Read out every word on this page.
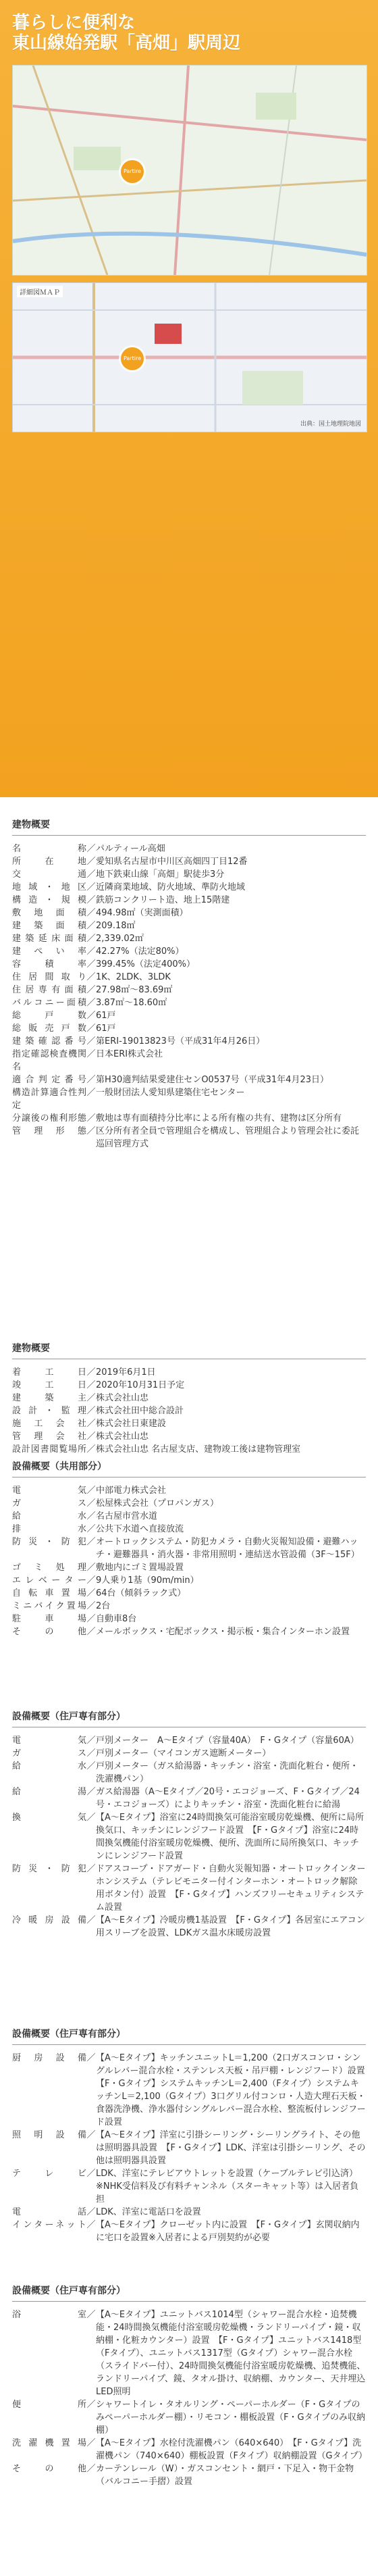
暮らしに便利な
東山線始発駅「高畑」駅周辺
Partire
詳細図ＭＡＰ
Partire
出典：国土地理院地図
建物概要
名称 ／ パルティール高畑
所在地 ／ 愛知県名古屋市中川区高畑四丁目12番
交通 ／ 地下鉄東山線「高畑」駅徒歩3分
地域・地区 ／ 近隣商業地域、防火地域、準防火地域
構造・規模 ／ 鉄筋コンクリート造、地上15階建
敷地面積 ／ 494.98㎡（実測面積）
建築面積 ／ 209.18㎡
建築延床面積 ／ 2,339.02㎡
建ぺい率 ／ 42.27%（法定80%）
容積率 ／ 399.45%（法定400%）
住居間取り ／ 1K、2LDK、3LDK
住居専有面積 ／ 27.98㎡〜83.69㎡
バルコニー面積 ／ 3.87㎡〜18.60㎡
総戸数 ／ 61戸
総販売戸数 ／ 61戸
建築確認番号 ／ 第ERI-19013823号（平成31年4月26日）
指定確認検査機関名
／ 日本ERI株式会社
適合判定番号 ／ 第H30適判結果愛建住センO0537号（平成31年4月23日）
構造計算適合性判定
／ 一般財団法人愛知県建築住宅センター
分譲後の権利形態 ／ 敷地は専有面積持分比率による所有権の共有、建物は区分所有
管理形態 ／ 区分所有者全員で管理組合を構成し、管理組合より管理会社に委託　巡回管理方式
建物概要
着工日 ／ 2019年6月1日
竣工日 ／ 2020年10月31日予定
建築主 ／ 株式会社山忠
設計・監理 ／ 株式会社田中総合設計
施工会社 ／ 株式会社日東建設
管理会社 ／ 株式会社山忠
設計図書閲覧場所 ／ 株式会社山忠 名古屋支店、建物竣工後は建物管理室
設備概要（共用部分）
電気 ／ 中部電力株式会社
ガス ／ 松屋株式会社（プロパンガス）
給水 ／ 名古屋市営水道
排水 ／ 公共下水道へ直接放流
防災・防犯 ／ オートロックシステム・防犯カメラ・自動火災報知設備・避難ハッチ・避難器具・消火器・非常用照明・連結送水管設備（3F〜15F）
ゴミ処理 ／ 敷地内にゴミ置場設置
エレベーター ／ 9人乗り1基（90m/min）
自転車置場 ／ 64台（傾斜ラック式）
ミニバイク置場 ／ 2台
駐車場 ／ 自動車8台
その他 ／ メールボックス・宅配ボックス・掲示板・集合インターホン設置
設備概要（住戸専有部分）
電気 ／ 戸別メーター　A〜Eタイプ（容量40A）　F・Gタイプ（容量60A）
ガス ／ 戸別メーター（マイコンガス遮断メーター）
給水 ／ 戸別メーター（ガス給湯器・キッチン・浴室・洗面化粧台・便所・洗濯機パン）
給湯 ／ ガス給湯器（A〜Eタイプ／20号・エコジョーズ、F・Gタイプ／24号・エコジョーズ）によりキッチン・浴室・洗面化粧台に給湯
換気 ／ 【A〜Eタイプ】浴室に24時間換気可能浴室暖房乾燥機、便所に局所換気口、キッチンにレンジフード設置　【F・Gタイプ】浴室に24時間換気機能付浴室暖房乾燥機、便所、洗面所に局所換気口、キッチンにレンジフード設置
防災・防犯 ／ ドアスコープ・ドアガード・自動火災報知器・オートロックインターホンシステム（テレビモニター付インターホン・オートロック解除用ボタン付）設置　【F・Gタイプ】ハンズフリーセキュリティシステム設置
冷暖房設備 ／ 【A〜Eタイプ】冷暖房機1基設置　【F・Gタイプ】各居室にエアコン用スリーブを設置、LDKガス温水床暖房設置
設備概要（住戸専有部分）
厨房設備 ／ 【A〜Eタイプ】キッチンユニットL＝1,200（2口ガスコンロ・シングルレバー混合水栓・ステンレス天板・吊戸棚・レンジフード）設置　【F・Gタイプ】システムキッチンL＝2,400（Fタイプ）システムキッチンL＝2,100（Gタイプ）3口グリル付コンロ・人造大理石天板・食器洗浄機、浄水器付シングルレバー混合水栓、整流板付レンジフード設置
照明設備 ／ 【A〜Eタイプ】洋室に引掛シーリング・シーリングライト、その他は照明器具設置　【F・Gタイプ】LDK、洋室は引掛シーリング、その他は照明器具設置
テレビ ／ LDK、洋室にテレビアウトレットを設置（ケーブルテレビ引込済）※NHK受信料及び有料チャンネル（スターキャット等）は入居者負担
電話 ／ LDK、洋室に電話口を設置
インターネット ／ 【A〜Eタイプ】クローゼット内に設置　【F・Gタイプ】玄関収納内に宅口を設置※入居者による戸別契約が必要
設備概要（住戸専有部分）
浴室 ／ 【A〜Eタイプ】ユニットバス1014型（シャワー混合水栓・追焚機能・24時間換気機能付浴室暖房乾燥機・ランドリーパイプ・鏡・収納棚・化粧カウンター）設置　【F・Gタイプ】ユニットバス1418型（Fタイプ）、ユニットバス1317型（Gタイプ）シャワー混合水栓（スライドバー付）、24時間換気機能付浴室暖房乾燥機、追焚機能、ランドリーパイプ、鏡、タオル掛け、収納棚、カウンター、天井埋込LED照明
便所 ／ シャワートイレ・タオルリング・ペーパーホルダー（F・Gタイプのみペーパーホルダー棚）・リモコン・棚板設置（F・Gタイプのみ収納棚）
洗濯機置場 ／ 【A〜Eタイプ】水栓付洗濯機パン（640×640）　【F・Gタイプ】洗濯機パン（740×640）棚板設置（Fタイプ）収納棚設置（Gタイプ）
その他 ／ カーテンレール（W）・ガスコンセント・網戸・下足入・物干金物（バルコニー手摺）設置
